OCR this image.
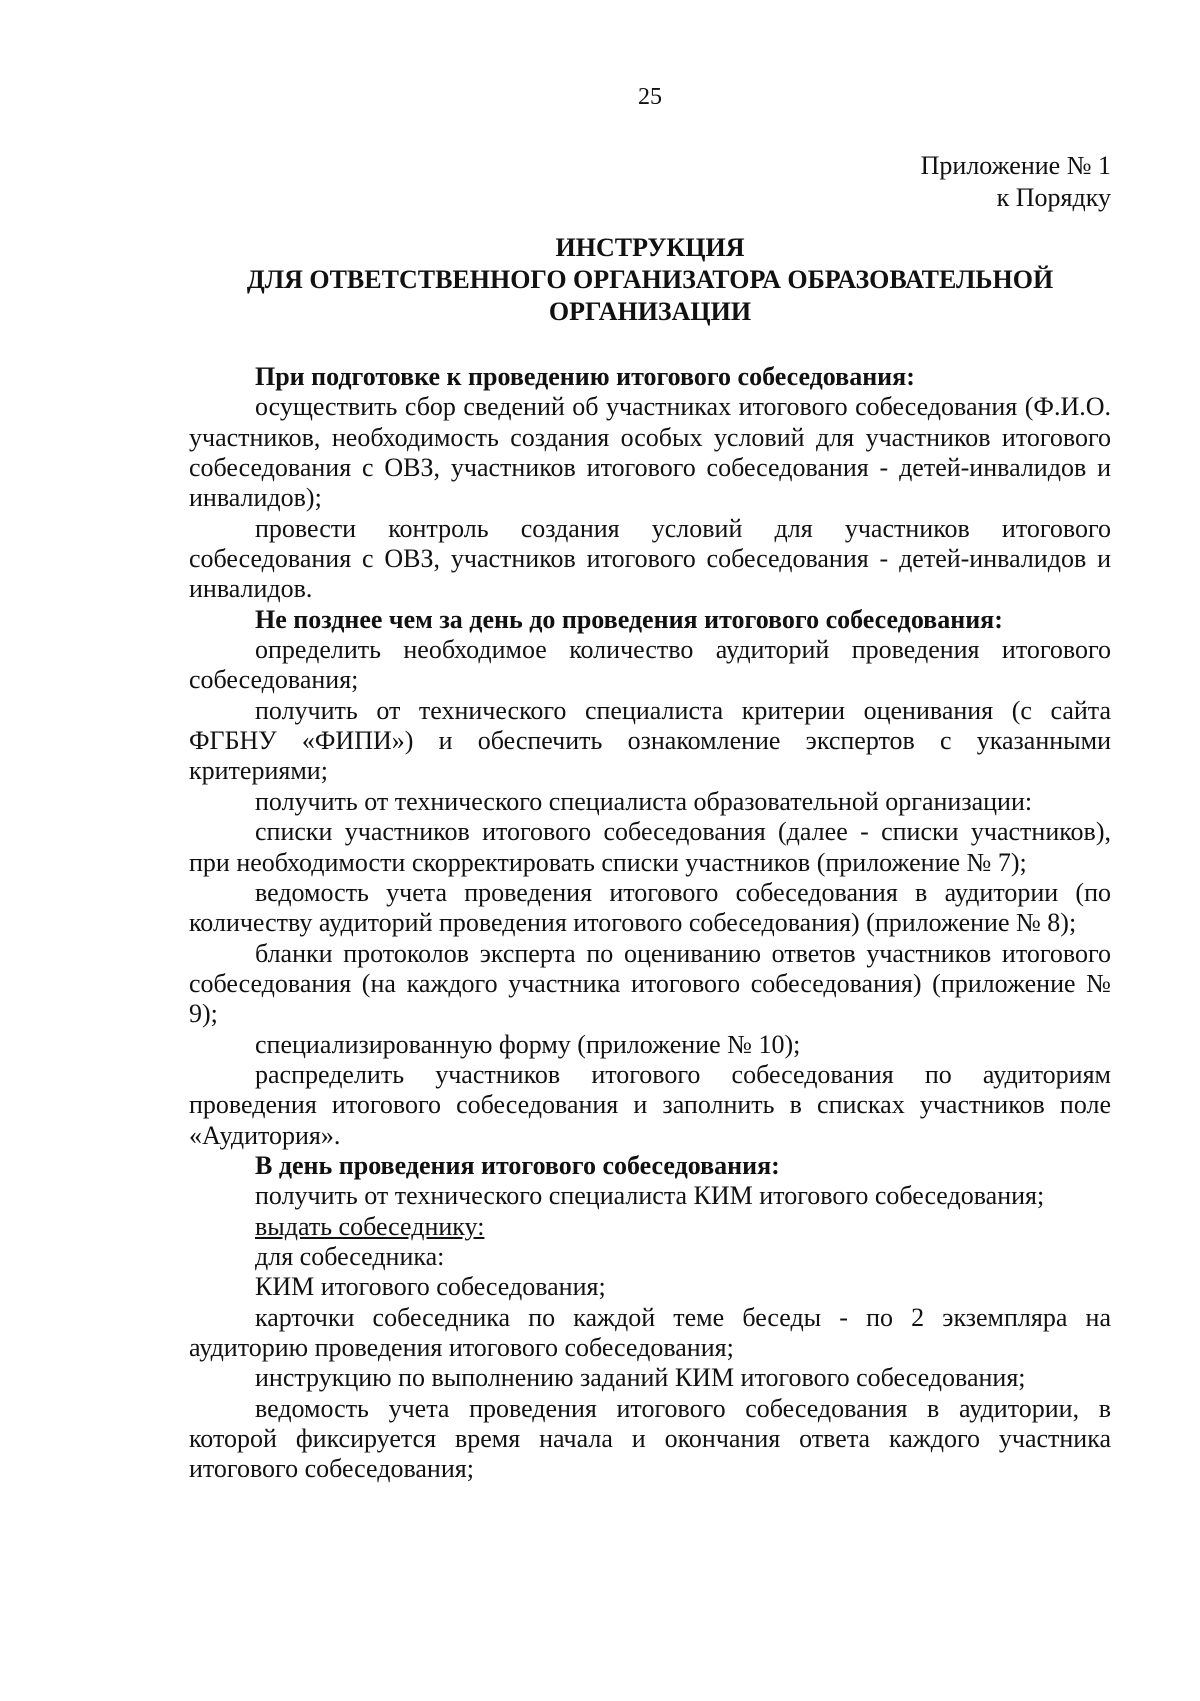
25
Приложение № 1
к Порядку
ИНСТРУКЦИЯ
ДЛЯ ОТВЕТСТВЕННОГО ОРГАНИЗАТОРА ОБРАЗОВАТЕЛЬНОЙ
ОРГАНИЗАЦИИ
При подготовке к проведению итогового собеседования:
осуществить сбор сведений об участниках итогового собеседования (Ф.И.О. участников, необходимость создания особых условий для участников итогового собеседования с ОВЗ, участников итогового собеседования - детей-инвалидов и инвалидов);
провести контроль создания условий для участников итогового собеседования с ОВЗ, участников итогового собеседования - детей-инвалидов и инвалидов.
Не позднее чем за день до проведения итогового собеседования:
определить необходимое количество аудиторий проведения итогового собеседования;
получить от технического специалиста критерии оценивания (с сайта ФГБНУ «ФИПИ») и обеспечить ознакомление экспертов с указанными критериями;
получить от технического специалиста образовательной организации:
списки участников итогового собеседования (далее - списки участников), при необходимости скорректировать списки участников (приложение № 7);
ведомость учета проведения итогового собеседования в аудитории (по количеству аудиторий проведения итогового собеседования) (приложение № 8);
бланки протоколов эксперта по оцениванию ответов участников итогового собеседования (на каждого участника итогового собеседования) (приложение № 9);
специализированную форму (приложение № 10);
распределить участников итогового собеседования по аудиториям проведения итогового собеседования и заполнить в списках участников поле «Аудитория».
В день проведения итогового собеседования:
получить от технического специалиста КИМ итогового собеседования;
выдать собеседнику:
для собеседника:
КИМ итогового собеседования;
карточки собеседника по каждой теме беседы - по 2 экземпляра на аудиторию проведения итогового собеседования;
инструкцию по выполнению заданий КИМ итогового собеседования;
ведомость учета проведения итогового собеседования в аудитории, в которой фиксируется время начала и окончания ответа каждого участника итогового собеседования;
